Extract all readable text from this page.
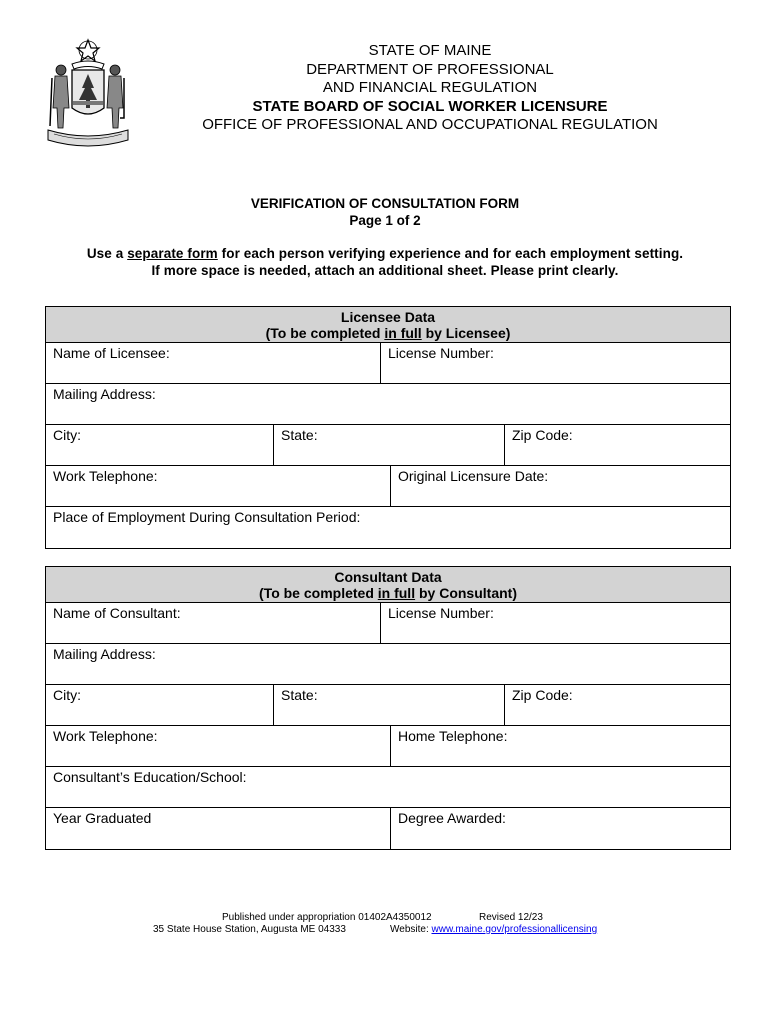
STATE OF MAINE
DEPARTMENT OF PROFESSIONAL
AND FINANCIAL REGULATION
STATE BOARD OF SOCIAL WORKER LICENSURE
OFFICE OF PROFESSIONAL AND OCCUPATIONAL REGULATION
VERIFICATION OF CONSULTATION FORM
Page 1 of 2
Use a separate form for each person verifying experience and for each employment setting.
If more space is needed, attach an additional sheet. Please print clearly.
Licensee Data
(To be completed in full by Licensee)
Name of Licensee:	License Number:
Mailing Address:
City:	State:	Zip Code:
Work Telephone:	Original Licensure Date:
Place of Employment During Consultation Period:
Consultant Data
(To be completed in full by Consultant)
Name of Consultant:	License Number:
Mailing Address:
City:	State:	Zip Code:
Work Telephone:	Home Telephone:
Consultant’s Education/School:
Year Graduated	Degree Awarded:
Published under appropriation 01402A4350012	Revised 12/23
35 State House Station, Augusta ME 04333	Website: www.maine.gov/professionallicensing
